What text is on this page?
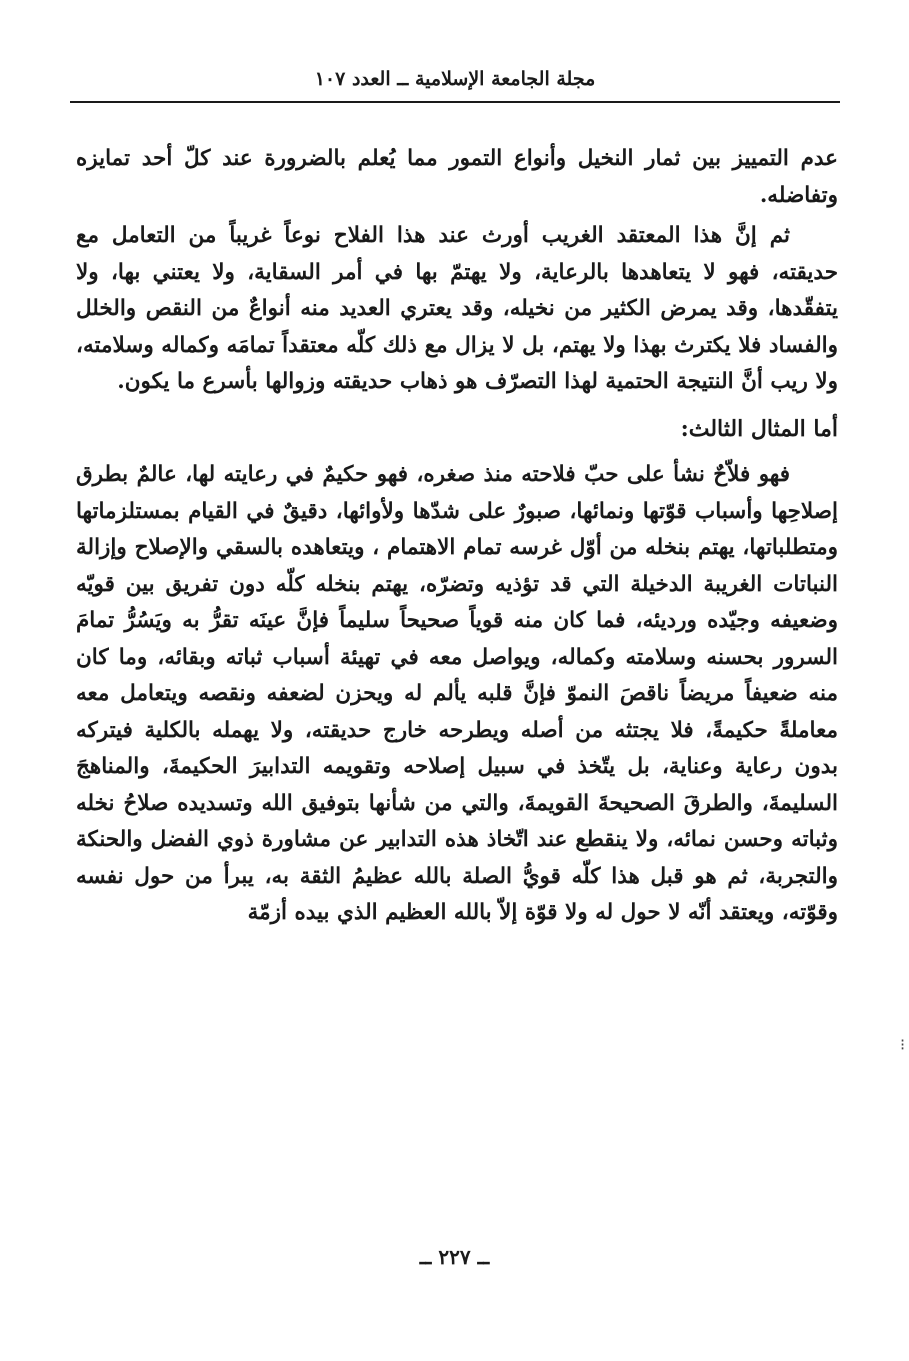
مجلة الجامعة الإسلامية ــ العدد ١٠٧

عدم التمييز بين ثمار النخيل وأنواع التمور مما يُعلم بالضرورة عند كلّ أحد تمايزه وتفاضله.

ثم إنَّ هذا المعتقد الغريب أورث عند هذا الفلاح نوعاً غريباً من التعامل مع حديقته، فهو لا يتعاهدها بالرعاية، ولا يهتمّ بها في أمر السقاية، ولا يعتني بها، ولا يتفقّدها، وقد يمرض الكثير من نخيله، وقد يعتري العديد منه أنواعٌ من النقص والخلل والفساد فلا يكترث بهذا ولا يهتم، بل لا يزال مع ذلك كلّه معتقداً تمامَه وكماله وسلامته، ولا ريب أنَّ النتيجة الحتمية لهذا التصرّف هو ذهاب حديقته وزوالها بأسرع ما يكون.

أما المثال الثالث:

فهو فلاّحٌ نشأ على حبّ فلاحته منذ صغره، فهو حكيمٌ في رعايته لها، عالمٌ بطرق إصلاحِها وأسباب قوّتها ونمائها، صبورٌ على شدّها ولأوائها، دقيقٌ في القيام بمستلزماتها ومتطلباتها، يهتم بنخله من أوّل غرسه تمام الاهتمام ، ويتعاهده بالسقي والإصلاح وإزالة النباتات الغريبة الدخيلة التي قد تؤذيه وتضرّه، يهتم بنخله كلّه دون تفريق بين قويّه وضعيفه وجيّده ورديئه، فما كان منه قوياً صحيحاً سليماً فإنَّ عينَه تقرُّ به ويَسُرُّ تمامَ السرور بحسنه وسلامته وكماله، ويواصل معه في تهيئة أسباب ثباته وبقائه، وما كان منه ضعيفاً مريضاً ناقصَ النموّ فإنَّ قلبه يألم له ويحزن لضعفه ونقصه ويتعامل معه معاملةً حكيمةً، فلا يجتثه من أصله ويطرحه خارج حديقته، ولا يهمله بالكلية فيتركه بدون رعاية وعناية، بل يتّخذ في سبيل إصلاحه وتقويمه التدابيرَ الحكيمةَ، والمناهجَ السليمةَ، والطرقَ الصحيحةَ القويمةَ، والتي من شأنها بتوفيق الله وتسديده صلاحُ نخله وثباته وحسن نمائه، ولا ينقطع عند اتّخاذ هذه التدابير عن مشاورة ذوي الفضل والحنكة والتجربة، ثم هو قبل هذا كلّه قويُّ الصلة بالله عظيمُ الثقة به، يبرأ من حول نفسه وقوّته، ويعتقد أنّه لا حول له ولا قوّة إلاّ بالله العظيم الذي بيده أزمّة

ــ ٢٢٧ ــ
⁝
